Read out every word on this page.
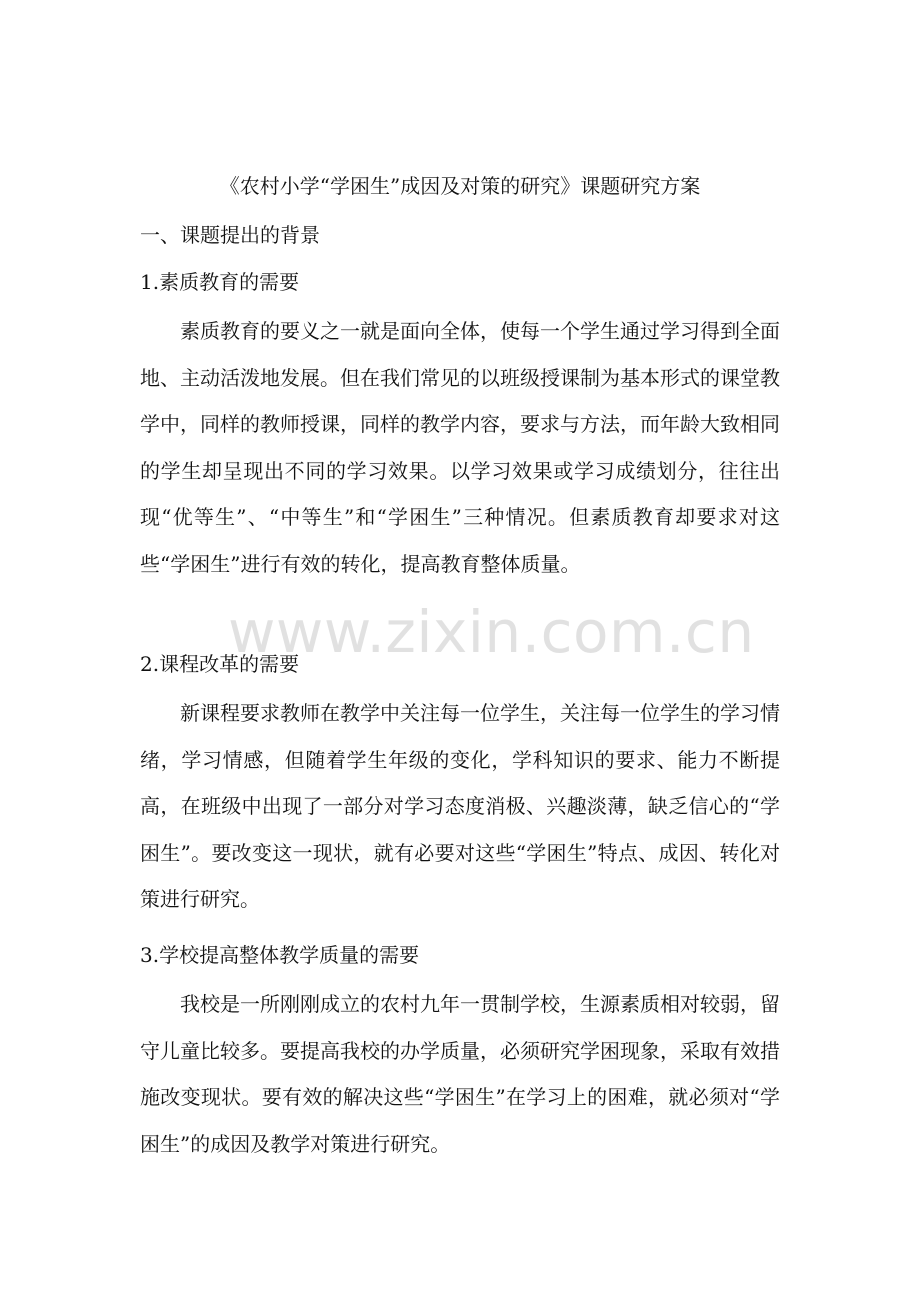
《农村小学“学困生”成因及对策的研究》课题研究方案
一、课题提出的背景
1.素质教育的需要
素质教育的要义之一就是面向全体，使每一个学生通过学习得到全面地、主动活泼地发展。但在我们常见的以班级授课制为基本形式的课堂教学中，同样的教师授课，同样的教学内容，要求与方法，而年龄大致相同的学生却呈现出不同的学习效果。以学习效果或学习成绩划分，往往出现“优等生”、“中等生”和“学困生”三种情况。但素质教育却要求对这些“学困生”进行有效的转化，提高教育整体质量。
2.课程改革的需要
新课程要求教师在教学中关注每一位学生，关注每一位学生的学习情绪，学习情感，但随着学生年级的变化，学科知识的要求、能力不断提高，在班级中出现了一部分对学习态度消极、兴趣淡薄，缺乏信心的“学困生”。要改变这一现状，就有必要对这些“学困生”特点、成因、转化对策进行研究。
3.学校提高整体教学质量的需要
我校是一所刚刚成立的农村九年一贯制学校，生源素质相对较弱，留守儿童比较多。要提高我校的办学质量，必须研究学困现象，采取有效措施改变现状。要有效的解决这些“学困生”在学习上的困难，就必须对“学困生”的成因及教学对策进行研究。
www.zixin.com.cn
